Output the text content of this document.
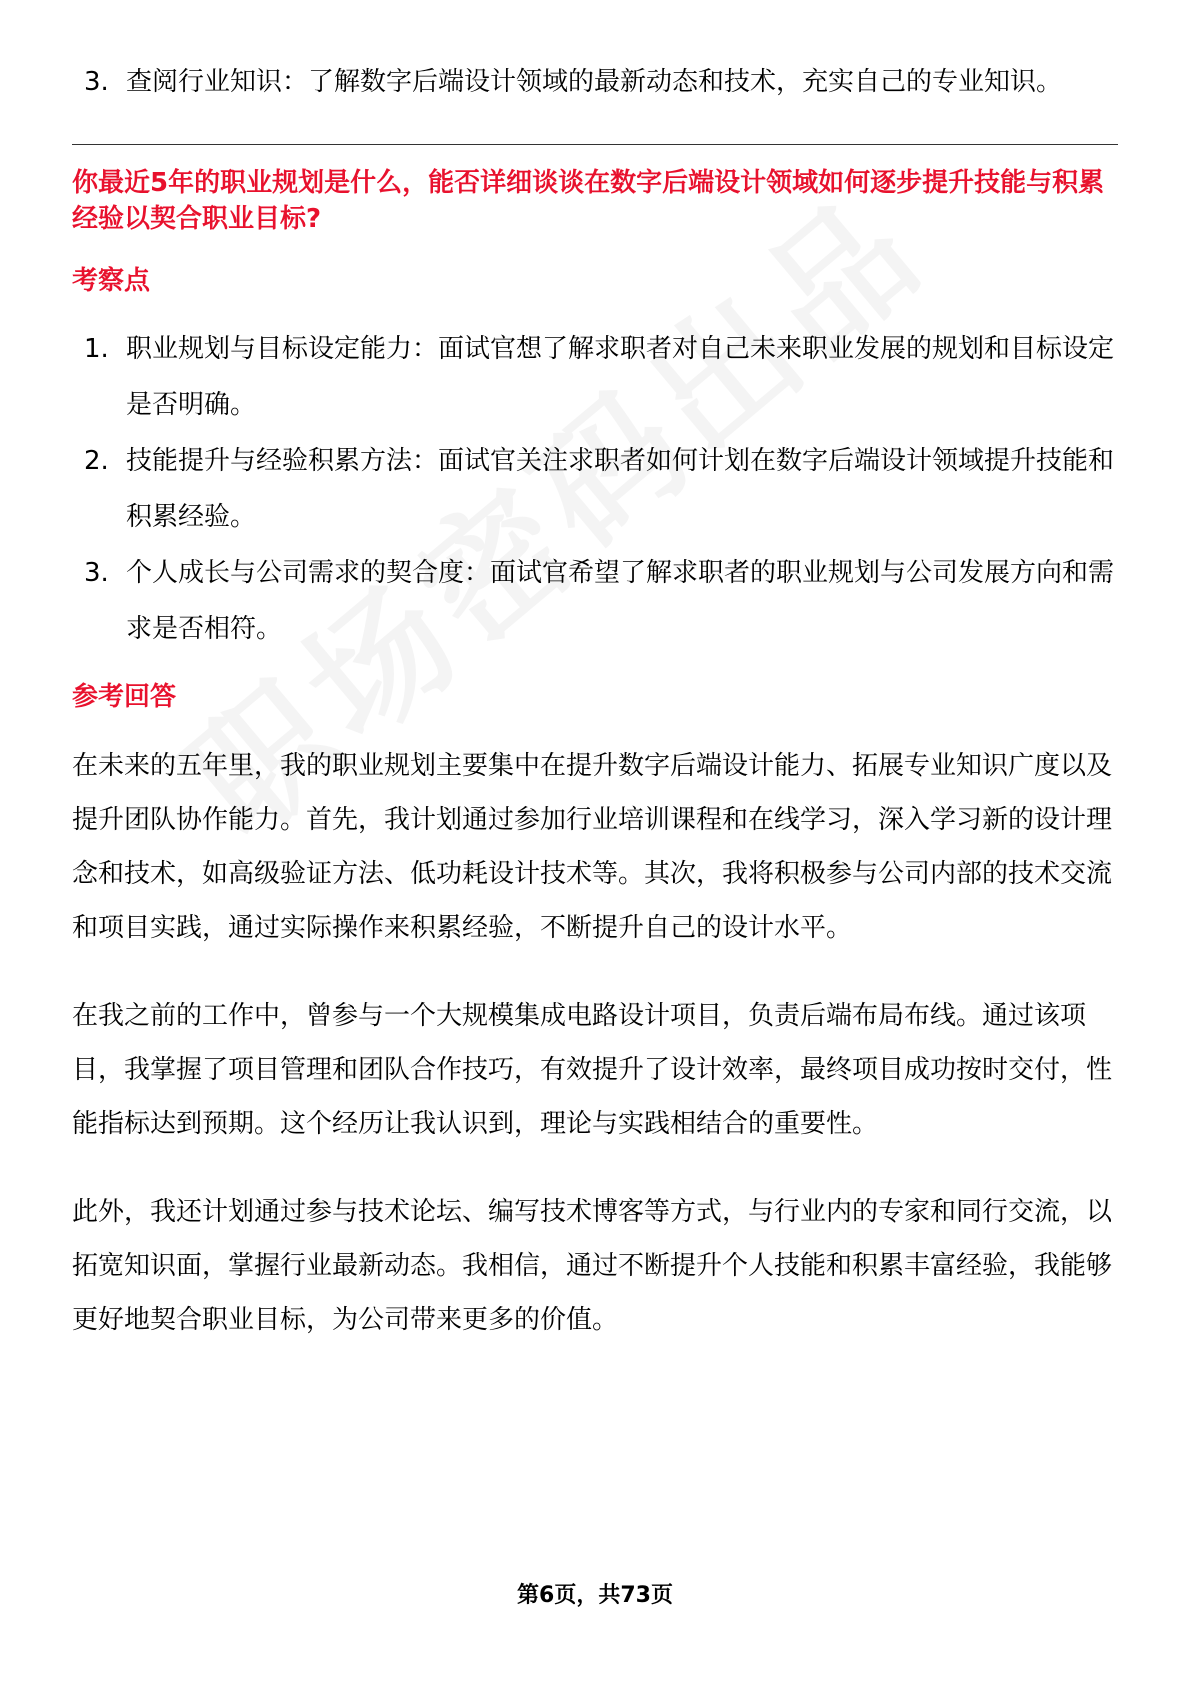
3. 查阅行业知识：了解数字后端设计领域的最新动态和技术，充实自己的专业知识。

你最近5年的职业规划是什么，能否详细谈谈在数字后端设计领域如何逐步提升技能与积累经验以契合职业目标?

考察点

1. 职业规划与目标设定能力：面试官想了解求职者对自己未来职业发展的规划和目标设定是否明确。
2. 技能提升与经验积累方法：面试官关注求职者如何计划在数字后端设计领域提升技能和积累经验。
3. 个人成长与公司需求的契合度：面试官希望了解求职者的职业规划与公司发展方向和需求是否相符。

参考回答

在未来的五年里，我的职业规划主要集中在提升数字后端设计能力、拓展专业知识广度以及提升团队协作能力。首先，我计划通过参加行业培训课程和在线学习，深入学习新的设计理念和技术，如高级验证方法、低功耗设计技术等。其次，我将积极参与公司内部的技术交流和项目实践，通过实际操作来积累经验，不断提升自己的设计水平。

在我之前的工作中，曾参与一个大规模集成电路设计项目，负责后端布局布线。通过该项目，我掌握了项目管理和团队合作技巧，有效提升了设计效率，最终项目成功按时交付，性能指标达到预期。这个经历让我认识到，理论与实践相结合的重要性。

此外，我还计划通过参与技术论坛、编写技术博客等方式，与行业内的专家和同行交流，以拓宽知识面，掌握行业最新动态。我相信，通过不断提升个人技能和积累丰富经验，我能够更好地契合职业目标，为公司带来更多的价值。

第6页，共73页
